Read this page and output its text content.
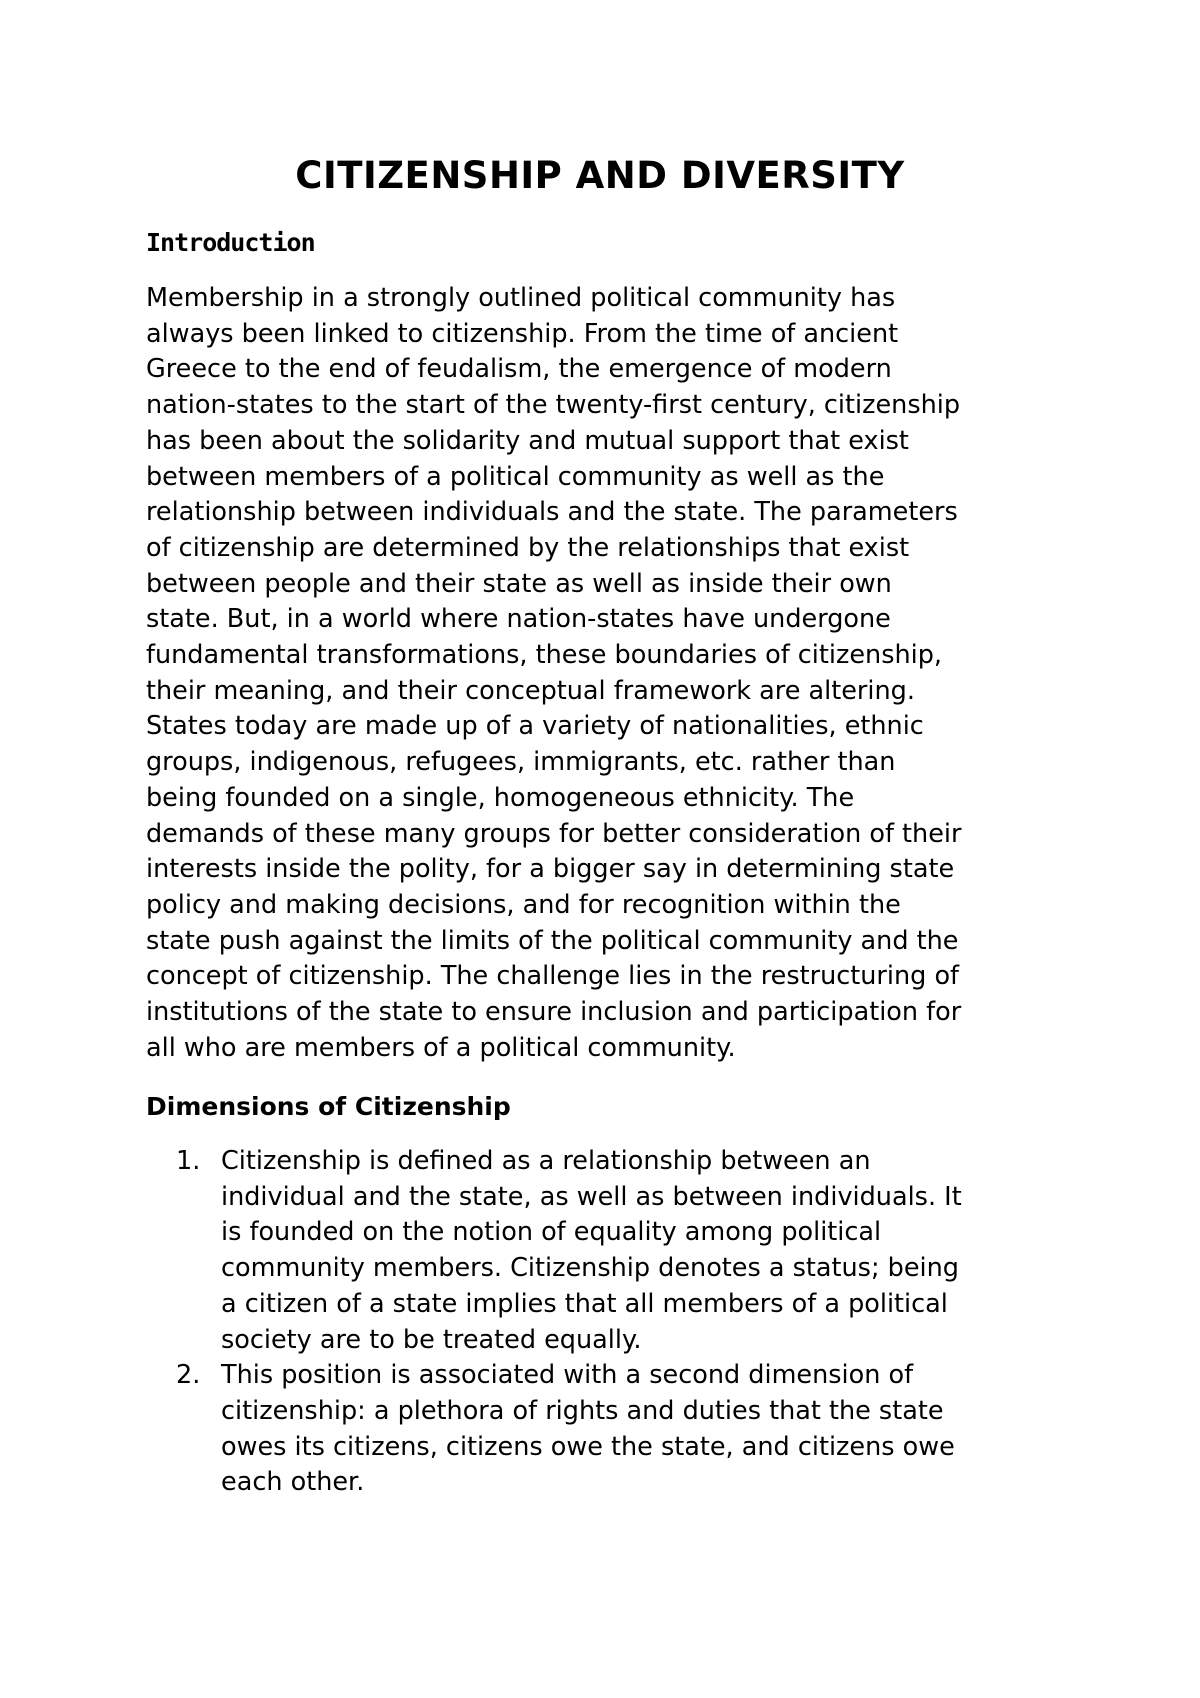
CITIZENSHIP AND DIVERSITY
Introduction

Membership in a strongly outlined political community has
always been linked to citizenship. From the time of ancient
Greece to the end of feudalism, the emergence of modern
nation-states to the start of the twenty-first century, citizenship
has been about the solidarity and mutual support that exist
between members of a political community as well as the
relationship between individuals and the state. The parameters
of citizenship are determined by the relationships that exist
between people and their state as well as inside their own
state. But, in a world where nation-states have undergone
fundamental transformations, these boundaries of citizenship,
their meaning, and their conceptual framework are altering.
States today are made up of a variety of nationalities, ethnic
groups, indigenous, refugees, immigrants, etc. rather than
being founded on a single, homogeneous ethnicity. The
demands of these many groups for better consideration of their
interests inside the polity, for a bigger say in determining state
policy and making decisions, and for recognition within the
state push against the limits of the political community and the
concept of citizenship. The challenge lies in the restructuring of
institutions of the state to ensure inclusion and participation for
all who are members of a political community.

Dimensions of Citizenship
1. Citizenship is defined as a relationship between an
individual and the state, as well as between individuals. It
is founded on the notion of equality among political
community members. Citizenship denotes a status; being
a citizen of a state implies that all members of a political
society are to be treated equally.
2. This position is associated with a second dimension of
citizenship: a plethora of rights and duties that the state
owes its citizens, citizens owe the state, and citizens owe
each other.
